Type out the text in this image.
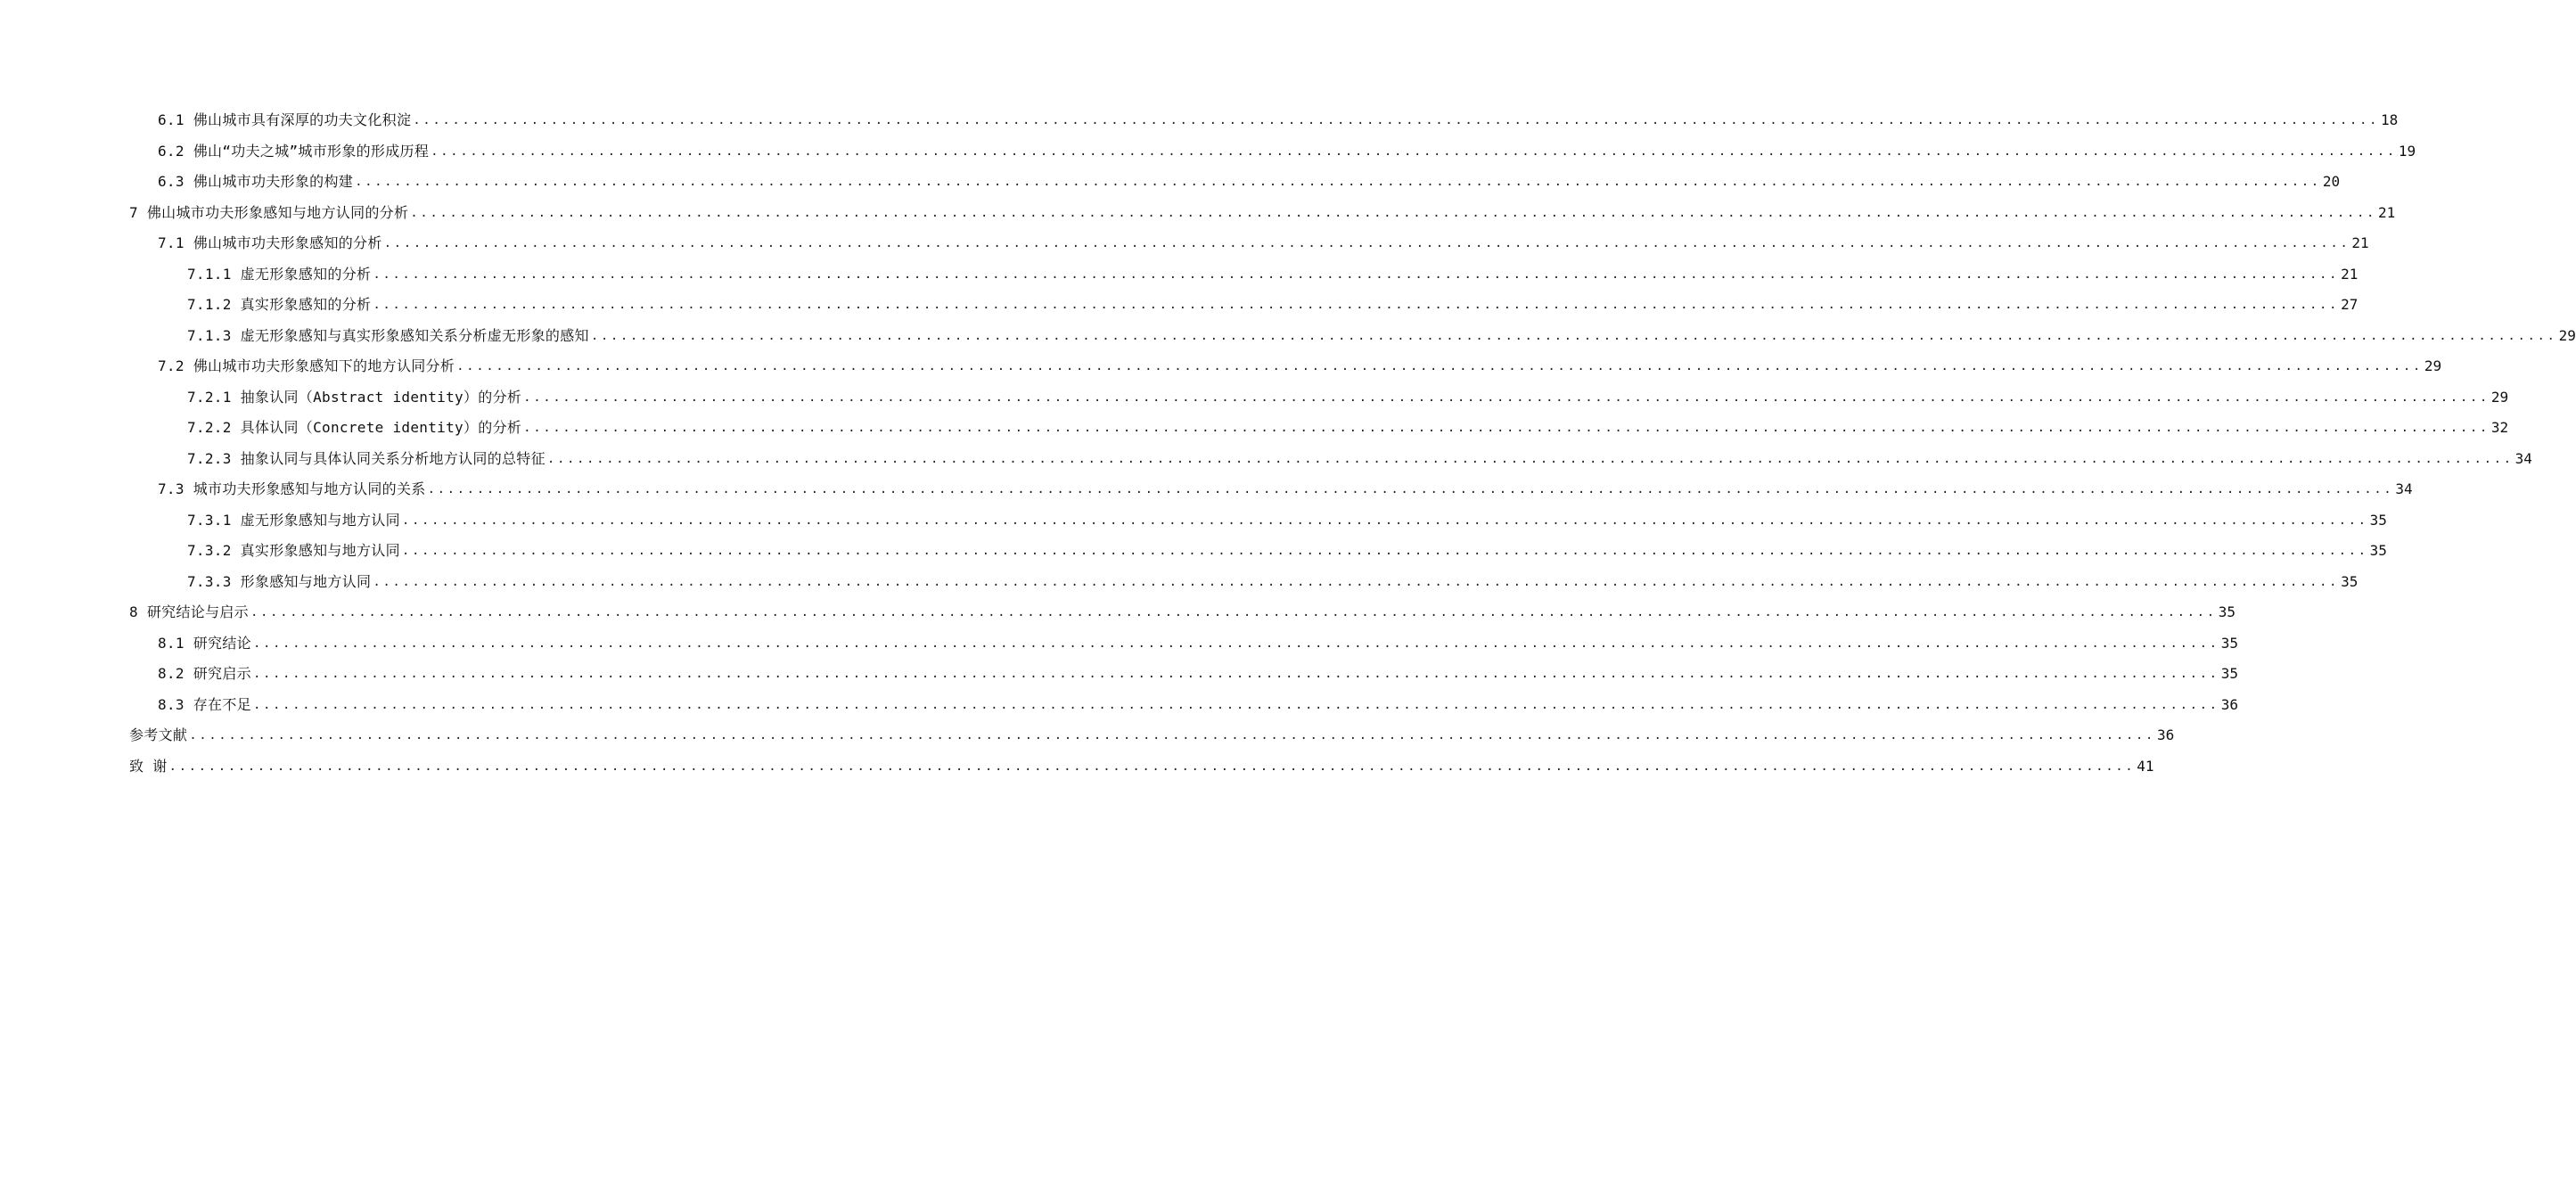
6.1 佛山城市具有深厚的功夫文化积淀 ........................................................................................................................................................................................................ 18
6.2 佛山“功夫之城”城市形象的形成历程 ........................................................................................................................................................................................................ 19
6.3 佛山城市功夫形象的构建 ........................................................................................................................................................................................................ 20
7 佛山城市功夫形象感知与地方认同的分析 ........................................................................................................................................................................................................ 21
7.1 佛山城市功夫形象感知的分析 ........................................................................................................................................................................................................ 21
7.1.1 虚无形象感知的分析 ........................................................................................................................................................................................................ 21
7.1.2 真实形象感知的分析 ........................................................................................................................................................................................................ 27
7.1.3 虚无形象感知与真实形象感知关系分析虚无形象的感知 ........................................................................................................................................................................................................ 29
7.2 佛山城市功夫形象感知下的地方认同分析 ........................................................................................................................................................................................................ 29
7.2.1 抽象认同（Abstract identity）的分析 ........................................................................................................................................................................................................ 29
7.2.2 具体认同（Concrete identity）的分析 ........................................................................................................................................................................................................ 32
7.2.3 抽象认同与具体认同关系分析地方认同的总特征 ........................................................................................................................................................................................................ 34
7.3 城市功夫形象感知与地方认同的关系 ........................................................................................................................................................................................................ 34
7.3.1 虚无形象感知与地方认同 ........................................................................................................................................................................................................ 35
7.3.2 真实形象感知与地方认同 ........................................................................................................................................................................................................ 35
7.3.3 形象感知与地方认同 ........................................................................................................................................................................................................ 35
8 研究结论与启示 ........................................................................................................................................................................................................ 35
8.1 研究结论 ........................................................................................................................................................................................................ 35
8.2 研究启示 ........................................................................................................................................................................................................ 35
8.3 存在不足 ........................................................................................................................................................................................................ 36
参考文献 ........................................................................................................................................................................................................ 36
致 谢 ........................................................................................................................................................................................................ 41
